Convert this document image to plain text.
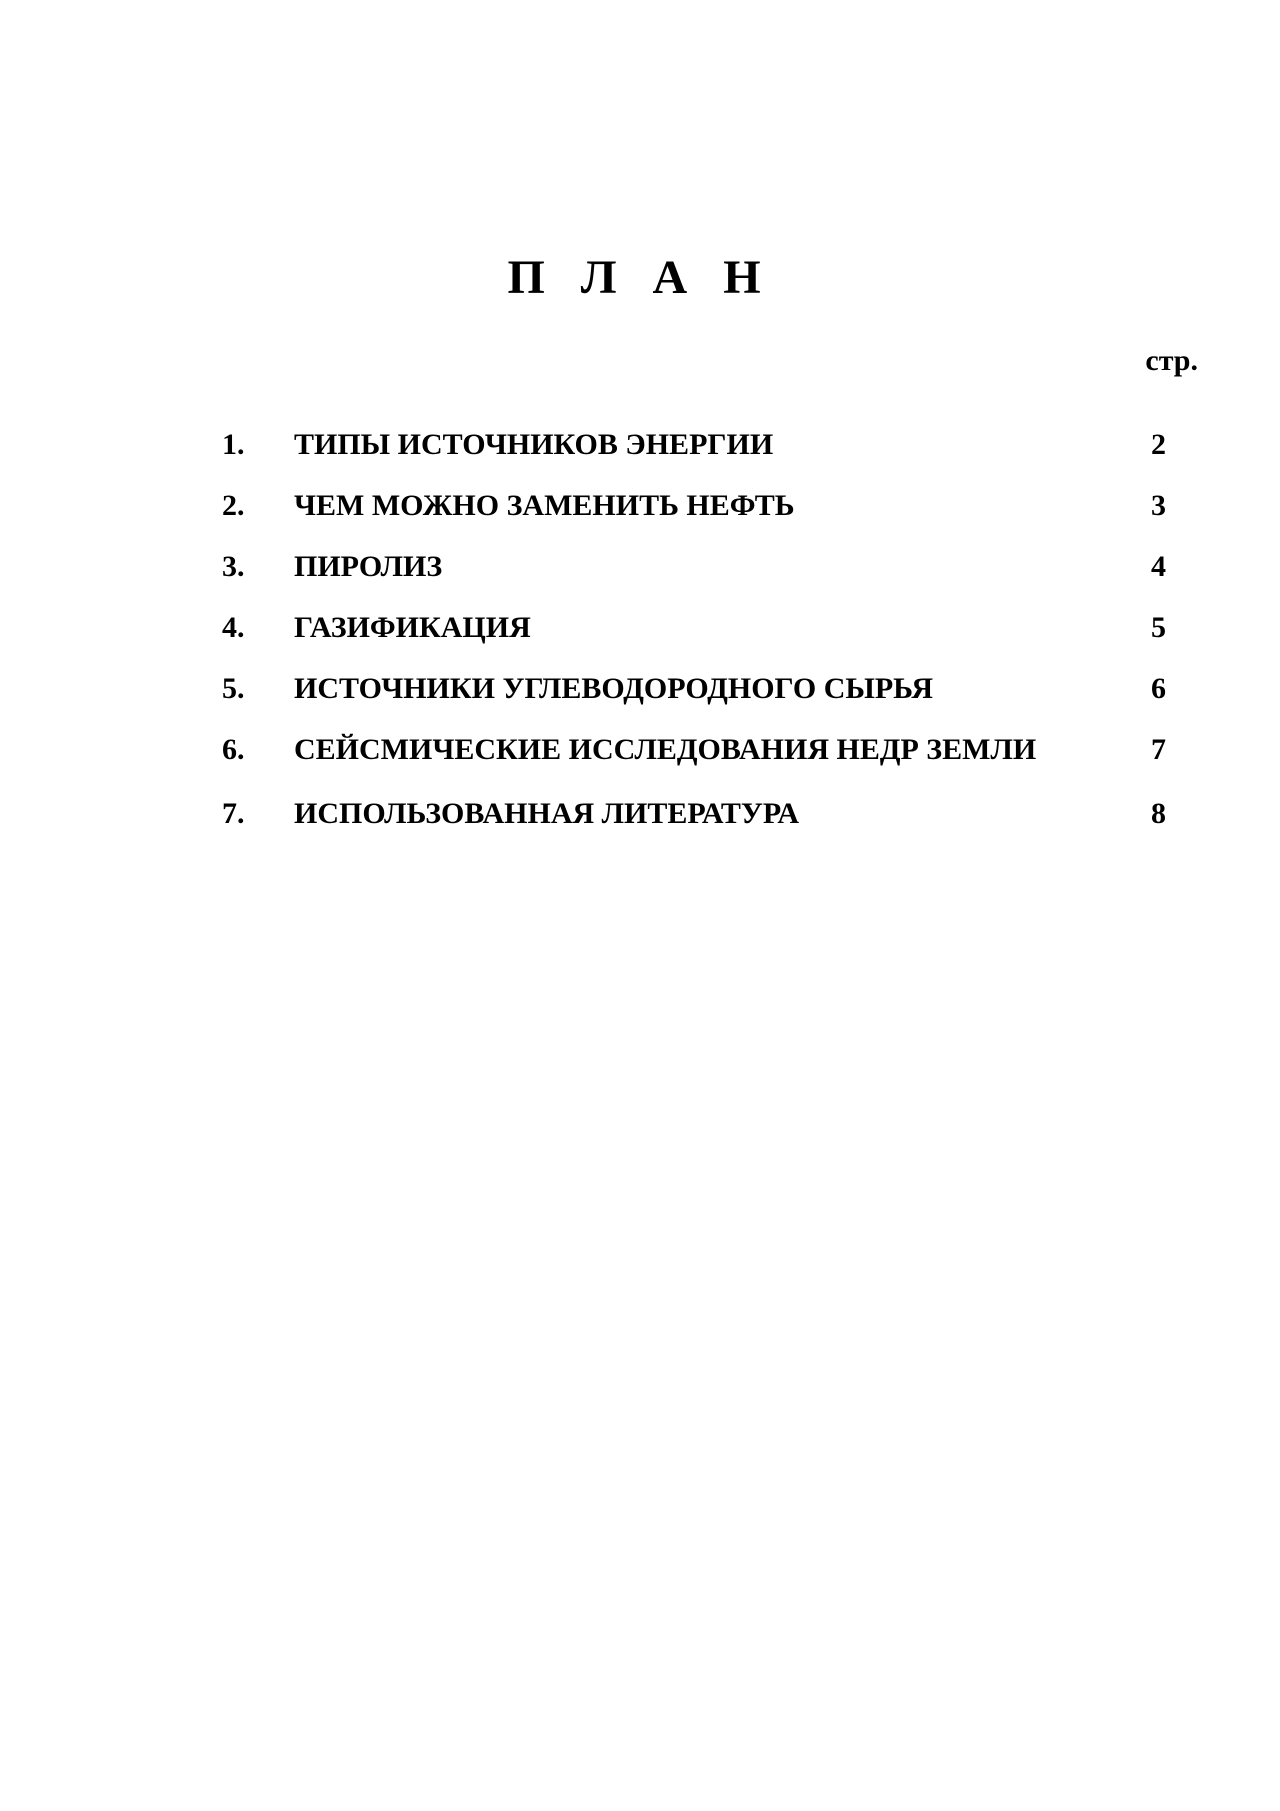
П Л А Н
стр.
1.	ТИПЫ ИСТОЧНИКОВ ЭНЕРГИИ	2
2.	ЧЕМ МОЖНО ЗАМЕНИТЬ НЕФТЬ	3
3.	ПИРОЛИЗ	4
4.	ГАЗИФИКАЦИЯ	5
5.	ИСТОЧНИКИ УГЛЕВОДОРОДНОГО СЫРЬЯ	6
6.	СЕЙСМИЧЕСКИЕ ИССЛЕДОВАНИЯ НЕДР ЗЕМЛИ	7
7.	ИСПОЛЬЗОВАННАЯ ЛИТЕРАТУРА	8
